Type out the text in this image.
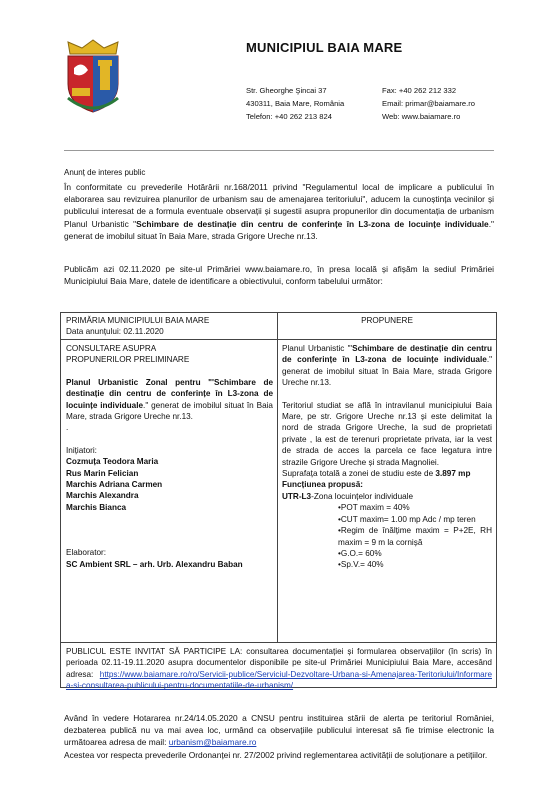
MUNICIPIUL BAIA MARE
Str. Gheorghe Şincai 37
430311, Baia Mare, România
Telefon: +40 262 213 824
Fax: +40 262 212 332
Email: primar@baiamare.ro
Web: www.baiamare.ro
Anunț de interes public
În conformitate cu prevederile Hotărârii nr.168/2011 privind "Regulamentul local de implicare a publicului în elaborarea sau revizuirea planurilor de urbanism sau de amenajarea teritoriului", aducem la cunoștința vecinilor și publicului interesat de a formula eventuale observații și sugestii asupra propunerilor din documentația de urbanism Planul Urbanistic "Schimbare de destinație din centru de conferințe în L3-zona de locuințe individuale." generat de imobilul situat în Baia Mare, strada Grigore Ureche nr.13.
Publicăm azi 02.11.2020 pe site-ul Primăriei www.baiamare.ro, în presa locală și afișăm la sediul Primăriei Municipiului Baia Mare, datele de identificare a obiectivului, conform tabelului următor:
PRIMĂRIA MUNICIPIULUI BAIA MARE
Data anunțului: 02.11.2020
PROPUNERE
CONSULTARE ASUPRA
PROPUNERILOR PRELIMINARE
Planul Urbanistic Zonal pentru "'Schimbare de destinație din centru de conferințe în L3-zona de locuințe individuale." generat de imobilul situat în Baia Mare, strada Grigore Ureche nr.13.
.
Inițiatori:
Cozmuța Teodora Maria
Rus Marin Felician
Marchis Adriana Carmen
Marchis Alexandra
Marchis Bianca
Elaborator:
SC Ambient SRL – arh. Urb. Alexandru Baban
Planul Urbanistic "'Schimbare de destinație din centru de conferințe în L3-zona de locuințe individuale." generat de imobilul situat în Baia Mare, strada Grigore Ureche nr.13.
Teritoriul studiat se află în intravilanul municipiului Baia Mare, pe str. Grigore Ureche nr.13 și este delimitat la nord de strada Grigore Ureche, la sud de proprietati private , la est de terenuri proprietate privata, iar la vest de strada de acces la parcela ce face legatura intre strazile Grigore Ureche și strada Magnoliei.
Suprafața totală a zonei de studiu este de 3.897 mp
Funcțiunea propusă:
UTR-L3-Zona locuințelor individuale
•POT maxim = 40%
•CUT maxim= 1.00 mp Adc / mp teren
•Regim de înălțime maxim = P+2E, RH maxim = 9 m la cornișă
•G.O.= 60%
•Sp.V.= 40%
PUBLICUL ESTE INVITAT SĂ PARTICIPE LA: consultarea documentației și formularea observațiilor (în scris) în perioada 02.11-19.11.2020 asupra documentelor disponibile pe site-ul Primăriei Municipiului Baia Mare, accesând adresa: https://www.baiamare.ro/ro/Servicii-publice/Serviciul-Dezvoltare-Urbana-si-Amenajarea-Teritoriului/Informarea-si-consultarea-publicului-pentru-documentatiile-de-urbanism/
Având în vedere Hotararea nr.24/14.05.2020 a CNSU pentru instituirea stării de alerta pe teritoriul României, dezbaterea publică nu va mai avea loc, urmând ca observațiile publicului interesat să fie trimise electronic la următoarea adresa de mail: urbanism@baiamare.ro
Acestea vor respecta prevederile Ordonanței nr. 27/2002 privind reglementarea activității de soluționare a petițiilor.
